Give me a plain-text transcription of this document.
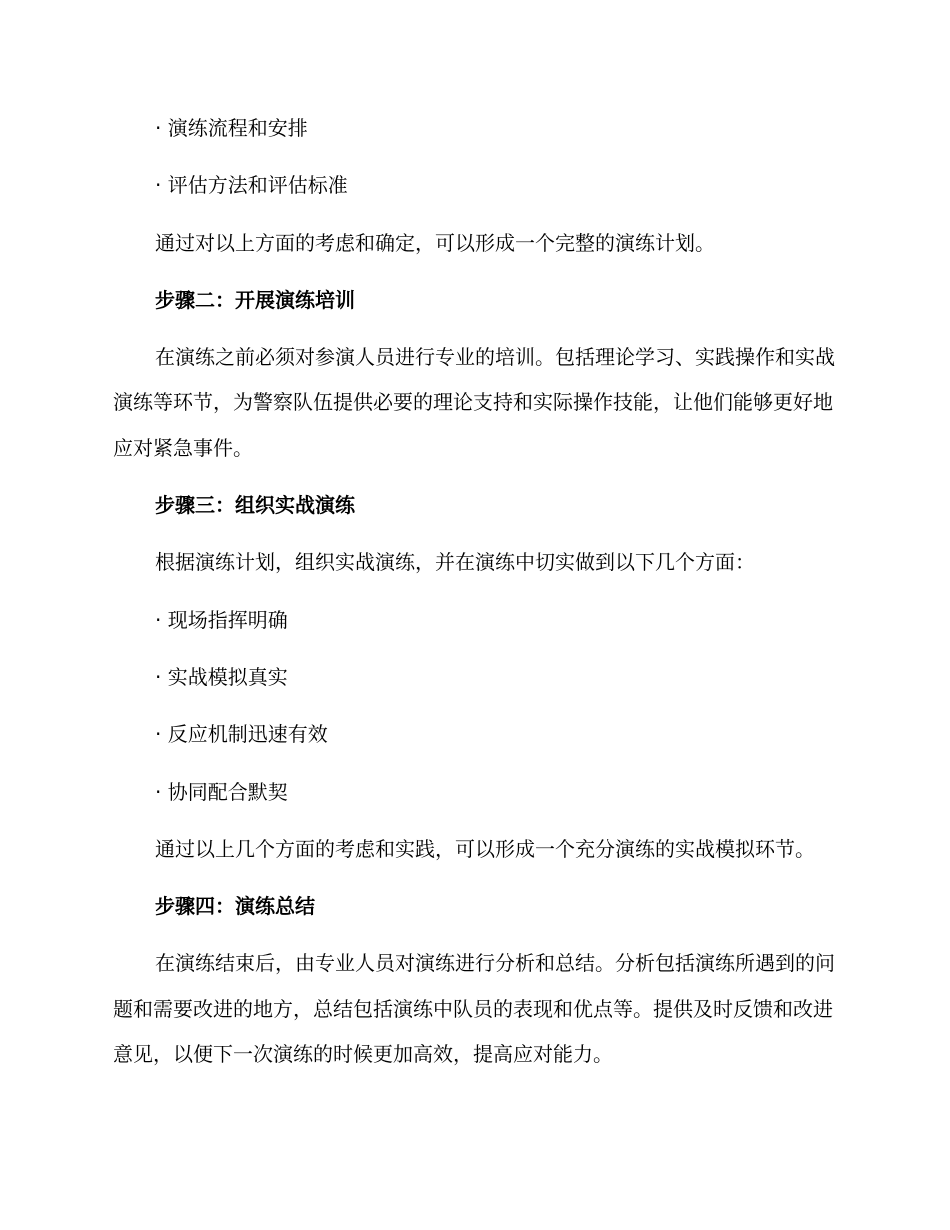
· 演练流程和安排

· 评估方法和评估标准

通过对以上方面的考虑和确定，可以形成一个完整的演练计划。

步骤二：开展演练培训

在演练之前必须对参演人员进行专业的培训。包括理论学习、实践操作和实战演练等环节，为警察队伍提供必要的理论支持和实际操作技能，让他们能够更好地应对紧急事件。

步骤三：组织实战演练

根据演练计划，组织实战演练，并在演练中切实做到以下几个方面：

· 现场指挥明确

· 实战模拟真实

· 反应机制迅速有效

· 协同配合默契

通过以上几个方面的考虑和实践，可以形成一个充分演练的实战模拟环节。

步骤四：演练总结

在演练结束后，由专业人员对演练进行分析和总结。分析包括演练所遇到的问题和需要改进的地方，总结包括演练中队员的表现和优点等。提供及时反馈和改进意见，以便下一次演练的时候更加高效，提高应对能力。
